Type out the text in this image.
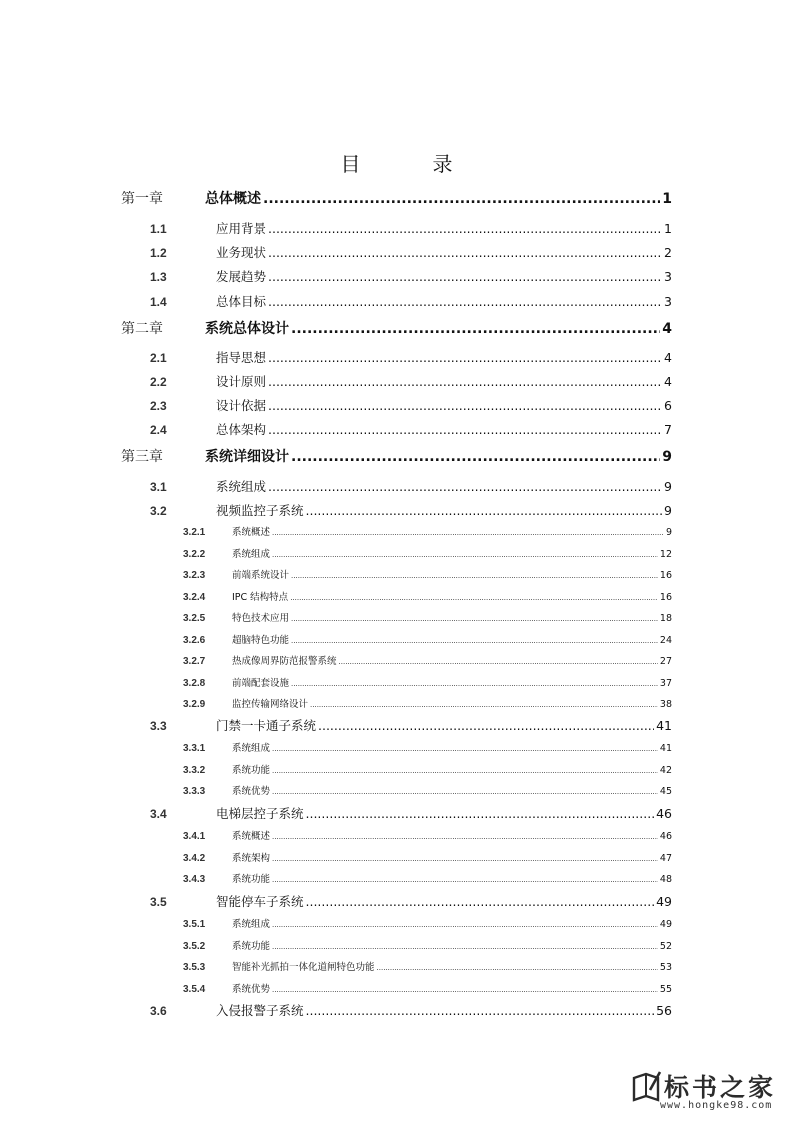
目　录
第一章	总体概述 .....	1
1.1	应用背景 .....	1
1.2	业务现状 .....	2
1.3	发展趋势 .....	3
1.4	总体目标 .....	3
第二章	系统总体设计 .....	4
2.1	指导思想 .....	4
2.2	设计原则 .....	4
2.3	设计依据 .....	6
2.4	总体架构 .....	7
第三章	系统详细设计 .....	9
3.1	系统组成 .....	9
3.2	视频监控子系统 .....	9
3.2.1	系统概述 .....	9
3.2.2	系统组成 .....	12
3.2.3	前端系统设计 .....	16
3.2.4	IPC 结构特点 .....	16
3.2.5	特色技术应用 .....	18
3.2.6	超脑特色功能 .....	24
3.2.7	热成像周界防范报警系统 .....	27
3.2.8	前端配套设施 .....	37
3.2.9	监控传输网络设计 .....	38
3.3	门禁一卡通子系统 .....	41
3.3.1	系统组成 .....	41
3.3.2	系统功能 .....	42
3.3.3	系统优势 .....	45
3.4	电梯层控子系统 .....	46
3.4.1	系统概述 .....	46
3.4.2	系统架构 .....	47
3.4.3	系统功能 .....	48
3.5	智能停车子系统 .....	49
3.5.1	系统组成 .....	49
3.5.2	系统功能 .....	52
3.5.3	智能补光抓拍一体化道闸特色功能 .....	53
3.5.4	系统优势 .....	55
3.6	入侵报警子系统 .....	56
标书之家
www.hongke98.com
